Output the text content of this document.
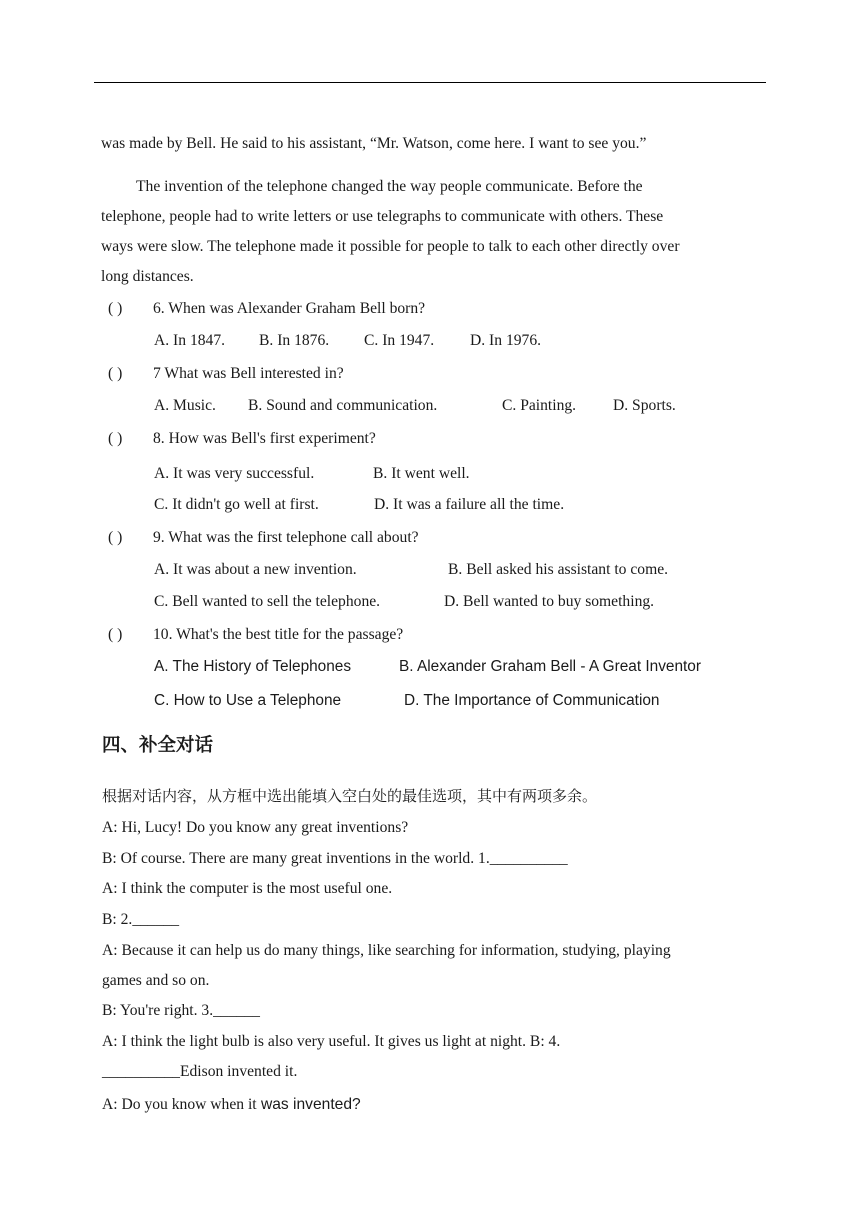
was made by Bell. He said to his assistant, “Mr. Watson, come here. I want to see you.”
The invention of the telephone changed the way people communicate. Before the
telephone, people had to write letters or use telegraphs to communicate with others. These
ways were slow. The telephone made it possible for people to talk to each other directly over
long distances.
( ) 6. When was Alexander Graham Bell born?
A. In 1847. B. In 1876. C. In 1947. D. In 1976.
( ) 7 What was Bell interested in?
A. Music. B. Sound and communication.	C. Painting. D. Sports.
( ) 8. How was Bell's first experiment?
A. It was very successful.	B. It went well.
C. It didn't go well at first.	D. It was a failure all the time.
( ) 9. What was the first telephone call about?
A. It was about a new invention.	B. Bell asked his assistant to come.
C. Bell wanted to sell the telephone.	D. Bell wanted to buy something.
( ) 10. What's the best title for the passage?
A. The History of Telephones	B. Alexander Graham Bell - A Great Inventor
C. How to Use a Telephone	D. The Importance of Communication
四、补全对话
根据对话内容，从方框中选出能填入空白处的最佳选项，其中有两项多余。
A: Hi, Lucy! Do you know any great inventions?
B: Of course. There are many great inventions in the world. 1.__________
A: I think the computer is the most useful one.
B: 2.______
A: Because it can help us do many things, like searching for information, studying, playing
games and so on.
B: You're right. 3.______
A: I think the light bulb is also very useful. It gives us light at night. B: 4.
__________Edison invented it.
A: Do you know when it was invented?
